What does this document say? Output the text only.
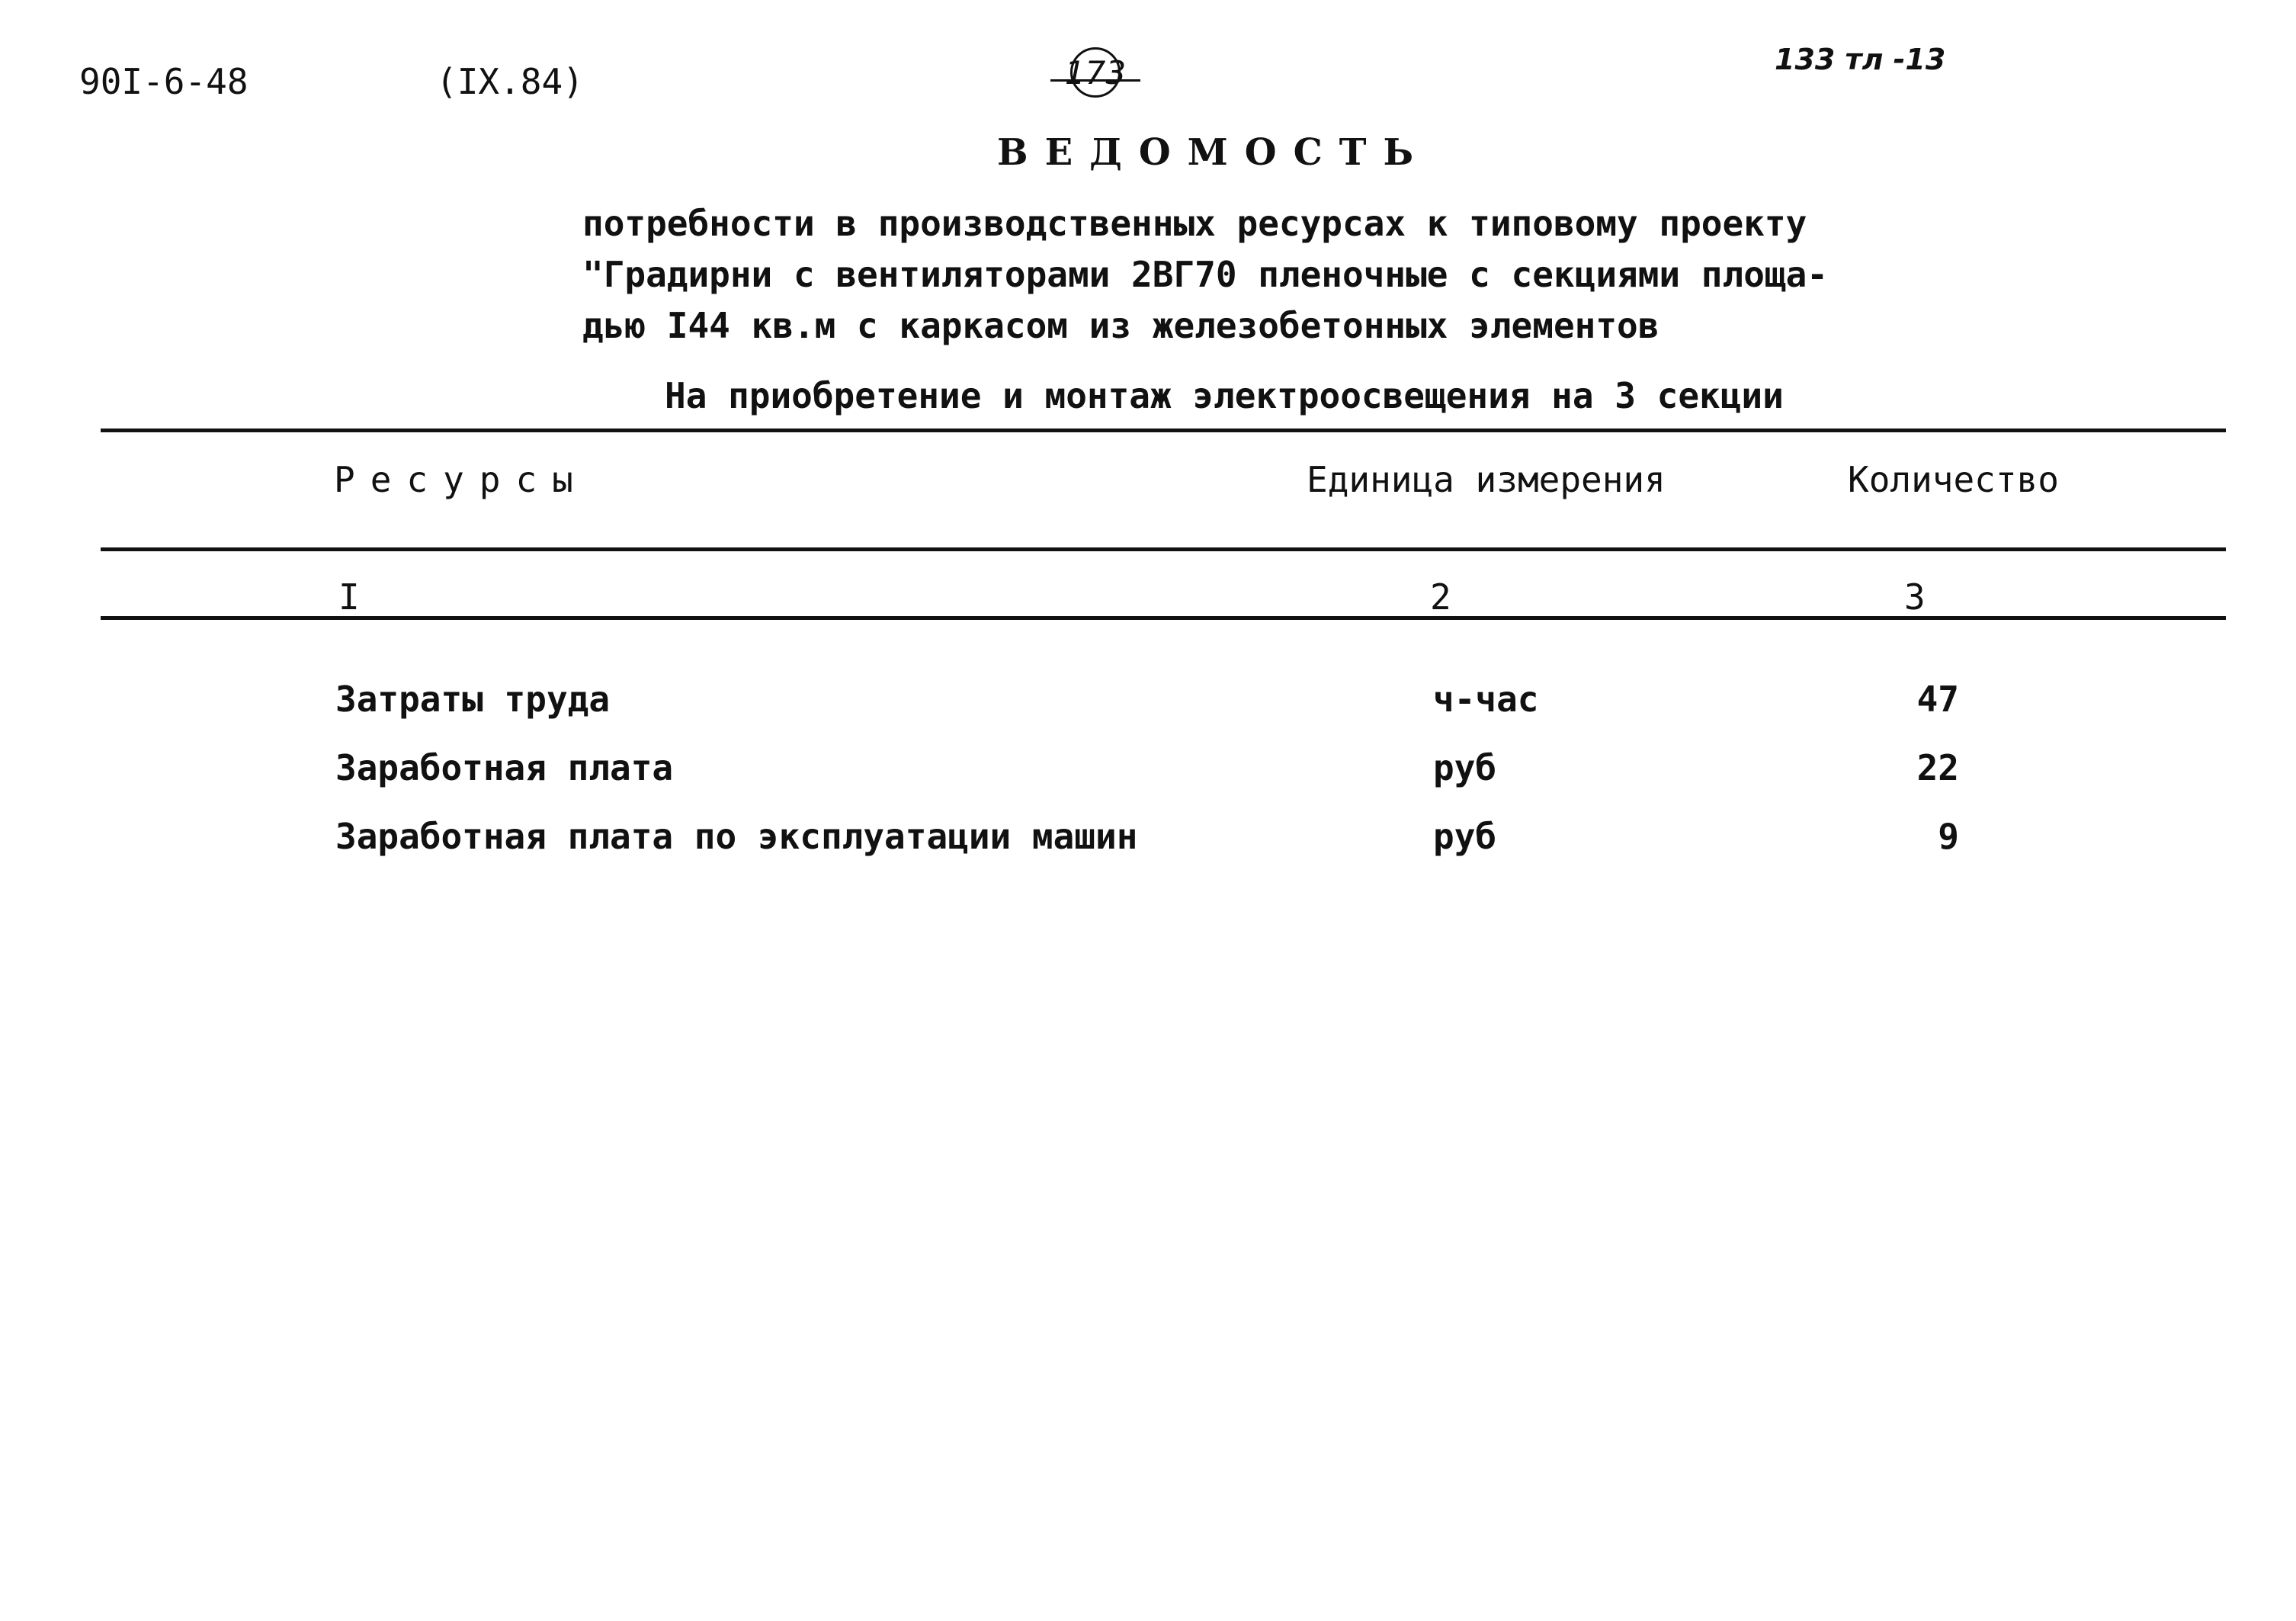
90I-6-48	(IX.84)	173	133 тл -13
ВЕДОМОСТЬ
потребности в производственных ресурсах к типовому проекту
"Градирни с вентиляторами 2ВГ70 пленочные с секциями площа-
дью I44 кв.м с каркасом из железобетонных элементов
На приобретение и монтаж электроосвещения на 3 секции
Ресурсы	Единица измерения	Количество
I	2	3
Затраты труда	ч-час	47
Заработная плата	руб	22
Заработная плата по эксплуатации машин	руб	9
